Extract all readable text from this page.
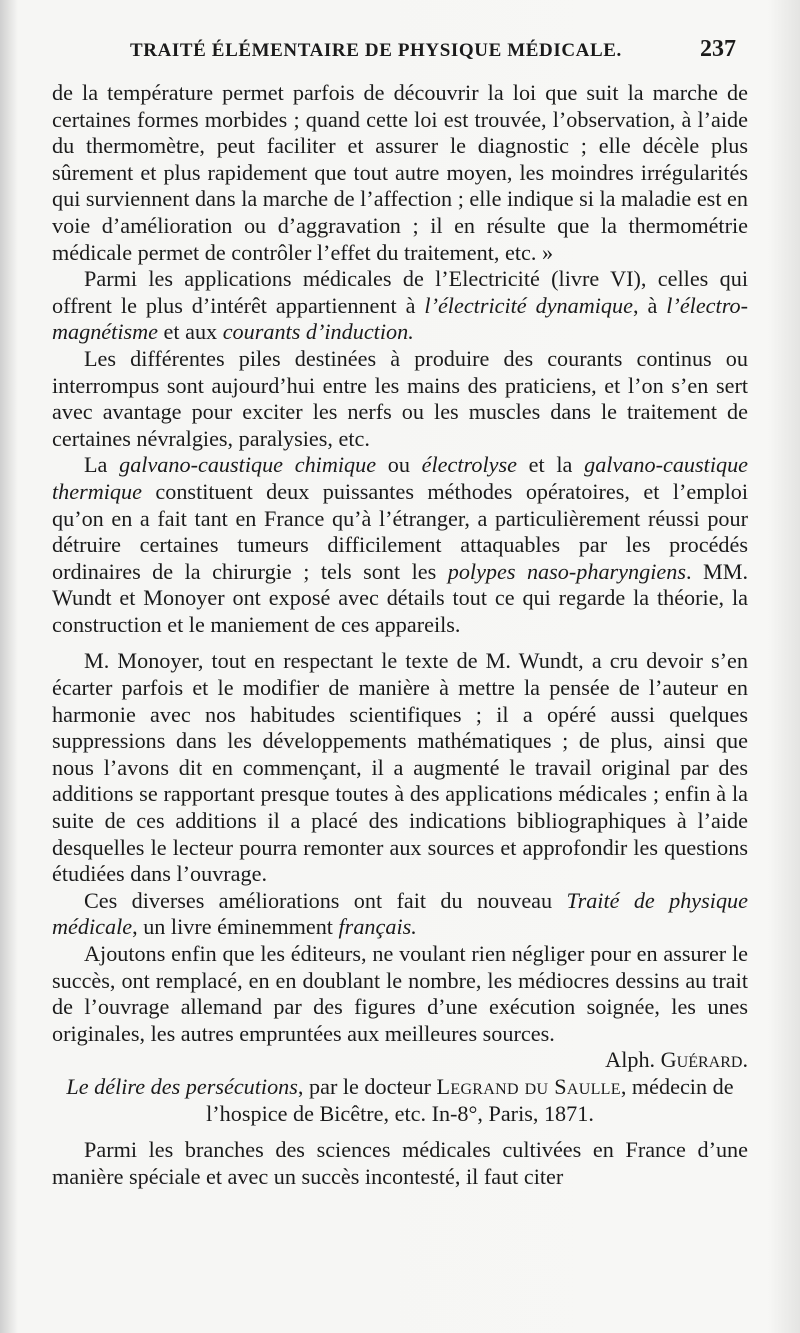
TRAITÉ ÉLÉMENTAIRE DE PHYSIQUE MÉDICALE.	237

de la température permet parfois de découvrir la loi que suit la marche de certaines formes morbides ; quand cette loi est trouvée, l’observation, à l’aide du thermomètre, peut faciliter et assurer le diagnostic ; elle décèle plus sûrement et plus rapidement que tout autre moyen, les moindres irrégularités qui surviennent dans la marche de l’affection ; elle indique si la maladie est en voie d’amélioration ou d’aggravation ; il en résulte que la thermométrie médicale permet de contrôler l’effet du traitement, etc. »

Parmi les applications médicales de l’Electricité (livre VI), celles qui offrent le plus d’intérêt appartiennent à l’électricité dynamique, à l’électro-magnétisme et aux courants d’induction.

Les différentes piles destinées à produire des courants continus ou interrompus sont aujourd’hui entre les mains des praticiens, et l’on s’en sert avec avantage pour exciter les nerfs ou les muscles dans le traitement de certaines névralgies, paralysies, etc.

La galvano-caustique chimique ou électrolyse et la galvano-caustique thermique constituent deux puissantes méthodes opératoires, et l’emploi qu’on en a fait tant en France qu’à l’étranger, a particulièrement réussi pour détruire certaines tumeurs difficilement attaquables par les procédés ordinaires de la chirurgie ; tels sont les polypes naso-pharyngiens. MM. Wundt et Monoyer ont exposé avec détails tout ce qui regarde la théorie, la construction et le maniement de ces appareils.

M. Monoyer, tout en respectant le texte de M. Wundt, a cru devoir s’en écarter parfois et le modifier de manière à mettre la pensée de l’auteur en harmonie avec nos habitudes scientifiques ; il a opéré aussi quelques suppressions dans les développements mathématiques ; de plus, ainsi que nous l’avons dit en commençant, il a augmenté le travail original par des additions se rapportant presque toutes à des applications médicales ; enfin à la suite de ces additions il a placé des indications bibliographiques à l’aide desquelles le lecteur pourra remonter aux sources et approfondir les questions étudiées dans l’ouvrage.

Ces diverses améliorations ont fait du nouveau Traité de physique médicale, un livre éminemment français.

Ajoutons enfin que les éditeurs, ne voulant rien négliger pour en assurer le succès, ont remplacé, en en doublant le nombre, les médiocres dessins au trait de l’ouvrage allemand par des figures d’une exécution soignée, les unes originales, les autres empruntées aux meilleures sources.
Alph. Guérard.

Le délire des persécutions, par le docteur Legrand du Saulle, médecin de l’hospice de Bicêtre, etc. In-8°, Paris, 1871.

Parmi les branches des sciences médicales cultivées en France d’une manière spéciale et avec un succès incontesté, il faut citer
